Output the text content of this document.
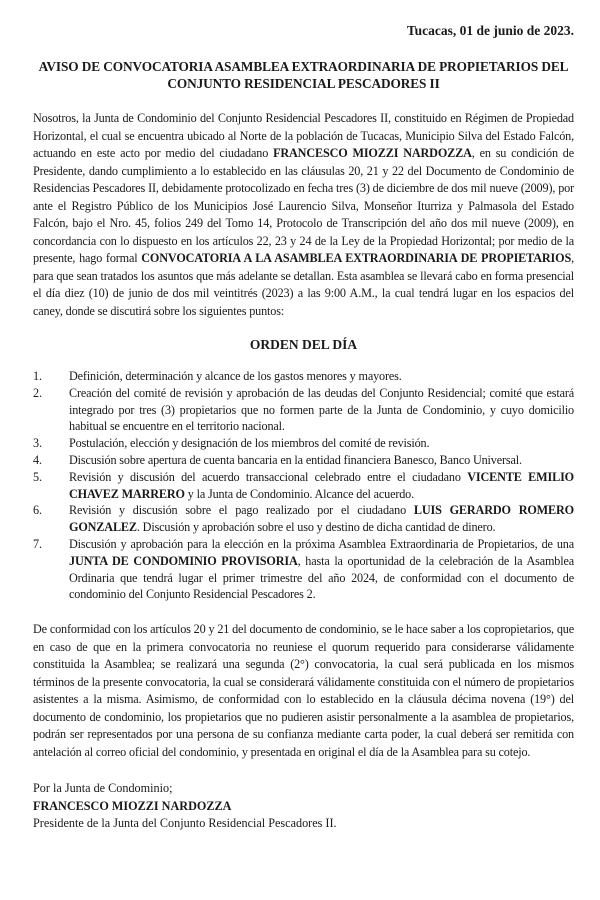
Tucacas, 01 de junio de 2023.
AVISO DE CONVOCATORIA ASAMBLEA EXTRAORDINARIA DE PROPIETARIOS DEL
CONJUNTO RESIDENCIAL PESCADORES II

Nosotros, la Junta de Condominio del Conjunto Residencial Pescadores II, constituido en Régimen de Propiedad Horizontal, el cual se encuentra ubicado al Norte de la población de Tucacas, Municipio Silva del Estado Falcón, actuando en este acto por medio del ciudadano FRANCESCO MIOZZI NARDOZZA, en su condición de Presidente, dando cumplimiento a lo establecido en las cláusulas 20, 21 y 22 del Documento de Condominio de Residencias Pescadores II, debidamente protocolizado en fecha tres (3) de diciembre de dos mil nueve (2009), por ante el Registro Público de los Municipios José Laurencio Silva, Monseñor Iturriza y Palmasola del Estado Falcón, bajo el Nro. 45, folios 249 del Tomo 14, Protocolo de Transcripción del año dos mil nueve (2009), en concordancia con lo dispuesto en los artículos 22, 23 y 24 de la Ley de la Propiedad Horizontal; por medio de la presente, hago formal CONVOCATORIA A LA ASAMBLEA EXTRAORDINARIA DE PROPIETARIOS, para que sean tratados los asuntos que más adelante se detallan. Esta asamblea se llevará cabo en forma presencial el día diez (10) de junio de dos mil veintitrés (2023) a las 9:00 A.M., la cual tendrá lugar en los espacios del caney, donde se discutirá sobre los siguientes puntos:

ORDEN DEL DÍA
1.	Definición, determinación y alcance de los gastos menores y mayores.
2.	Creación del comité de revisión y aprobación de las deudas del Conjunto Residencial; comité que estará integrado por tres (3) propietarios que no formen parte de la Junta de Condominio, y cuyo domicilio habitual se encuentre en el territorio nacional.
3.	Postulación, elección y designación de los miembros del comité de revisión.
4.	Discusión sobre apertura de cuenta bancaria en la entidad financiera Banesco, Banco Universal.
5.	Revisión y discusión del acuerdo transaccional celebrado entre el ciudadano VICENTE EMILIO CHAVEZ MARRERO y la Junta de Condominio. Alcance del acuerdo.
6.	Revisión y discusión sobre el pago realizado por el ciudadano LUIS GERARDO ROMERO GONZALEZ. Discusión y aprobación sobre el uso y destino de dicha cantidad de dinero.
7.	Discusión y aprobación para la elección en la próxima Asamblea Extraordinaria de Propietarios, de una JUNTA DE CONDOMINIO PROVISORIA, hasta la oportunidad de la celebración de la Asamblea Ordinaria que tendrá lugar el primer trimestre del año 2024, de conformidad con el documento de condominio del Conjunto Residencial Pescadores 2.

De conformidad con los artículos 20 y 21 del documento de condominio, se le hace saber a los copropietarios, que en caso de que en la primera convocatoria no reuniese el quorum requerido para considerarse válidamente constituida la Asamblea; se realizará una segunda (2°) convocatoria, la cual será publicada en los mismos términos de la presente convocatoria, la cual se considerará válidamente constituida con el número de propietarios asistentes a la misma. Asimismo, de conformidad con lo establecido en la cláusula décima novena (19°) del documento de condominio, los propietarios que no pudieren asistir personalmente a la asamblea de propietarios, podrán ser representados por una persona de su confianza mediante carta poder, la cual deberá ser remitida con antelación al correo oficial del condominio, y presentada en original el día de la Asamblea para su cotejo.

Por la Junta de Condominio;
FRANCESCO MIOZZI NARDOZZA
Presidente de la Junta del Conjunto Residencial Pescadores II.
